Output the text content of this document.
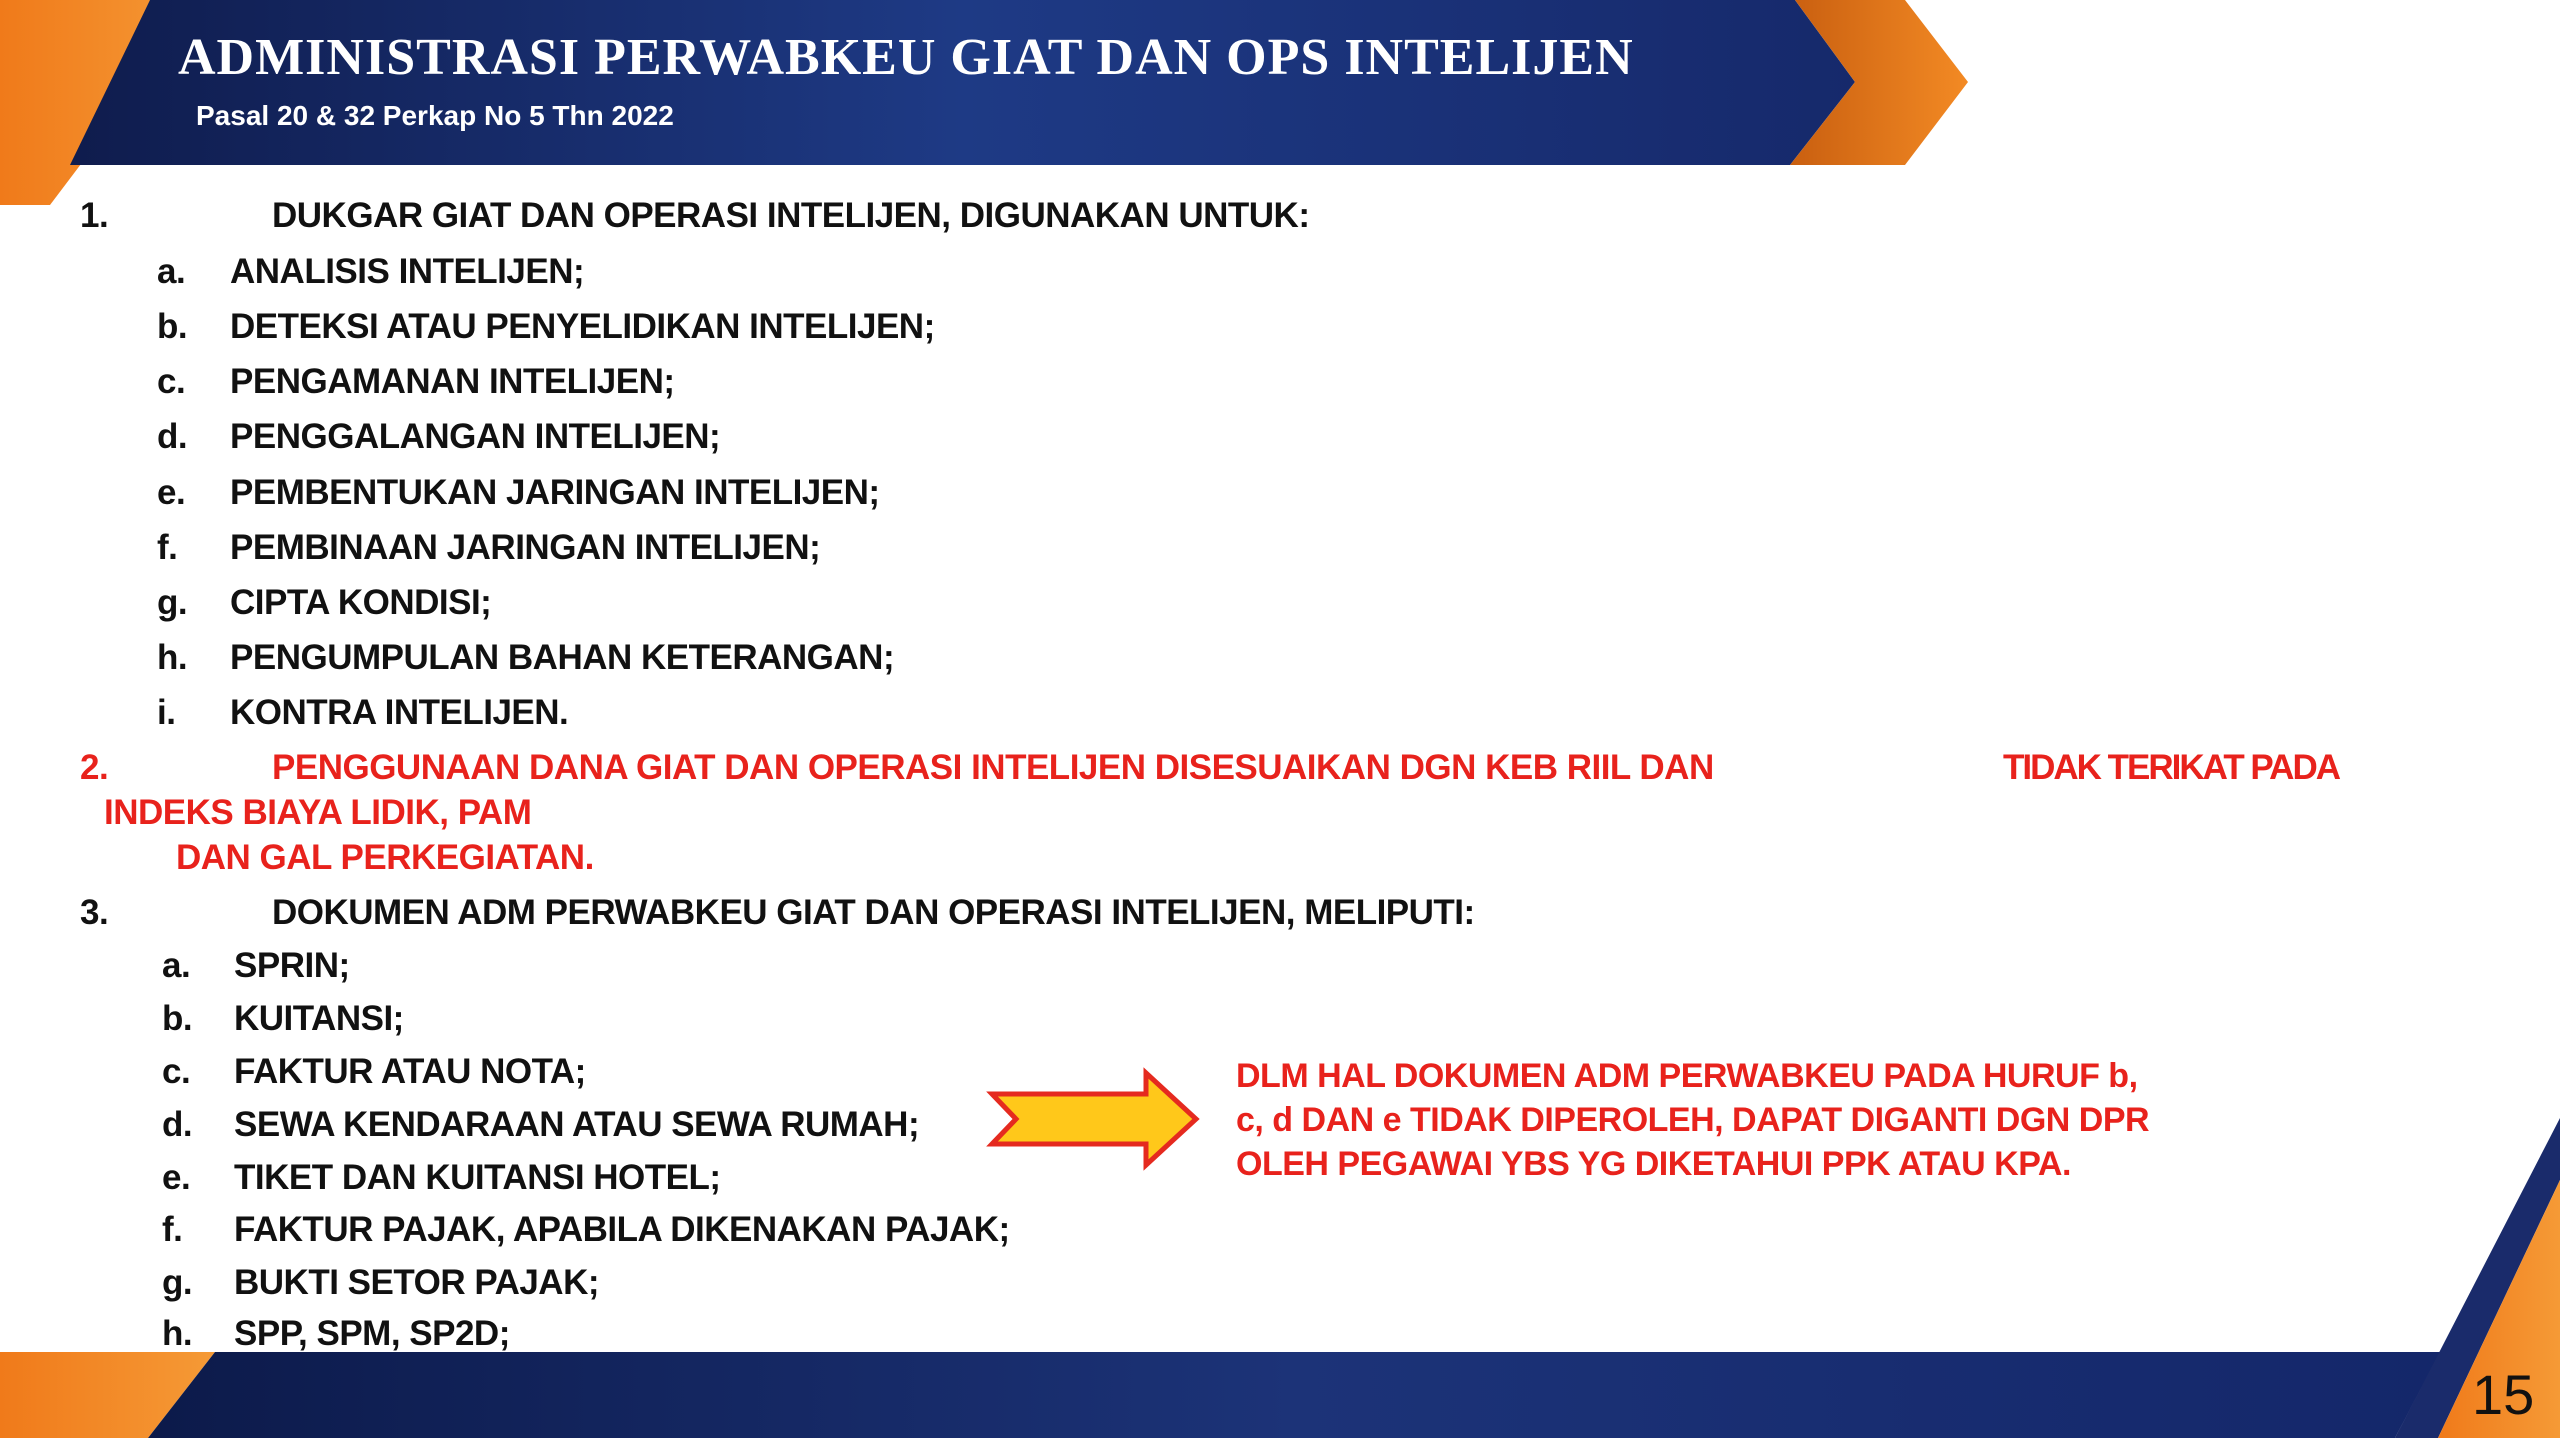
ADMINISTRASI PERWABKEU GIAT DAN OPS INTELIJEN
Pasal 20 & 32 Perkap No 5 Thn 2022
1.	DUKGAR GIAT DAN OPERASI INTELIJEN, DIGUNAKAN UNTUK:
a. ANALISIS INTELIJEN;
b. DETEKSI ATAU PENYELIDIKAN INTELIJEN;
c. PENGAMANAN INTELIJEN;
d. PENGGALANGAN INTELIJEN;
e. PEMBENTUKAN JARINGAN INTELIJEN;
f. PEMBINAAN JARINGAN INTELIJEN;
g. CIPTA KONDISI;
h. PENGUMPULAN BAHAN KETERANGAN;
i. KONTRA INTELIJEN.
2.	PENGGUNAAN DANA GIAT DAN OPERASI INTELIJEN DISESUAIKAN DGN KEB RIIL DAN	TIDAK TERIKAT PADA
INDEKS BIAYA LIDIK, PAM
DAN GAL PERKEGIATAN.
3.	DOKUMEN ADM PERWABKEU GIAT DAN OPERASI INTELIJEN, MELIPUTI:
a. SPRIN;
b. KUITANSI;
c. FAKTUR ATAU NOTA;
d. SEWA KENDARAAN ATAU SEWA RUMAH;
e. TIKET DAN KUITANSI HOTEL;
f. FAKTUR PAJAK, APABILA DIKENAKAN PAJAK;
g. BUKTI SETOR PAJAK;
h. SPP, SPM, SP2D;
DLM HAL DOKUMEN ADM PERWABKEU PADA HURUF b,
c, d DAN e TIDAK DIPEROLEH, DAPAT DIGANTI DGN DPR
OLEH PEGAWAI YBS YG DIKETAHUI PPK ATAU KPA.
15
